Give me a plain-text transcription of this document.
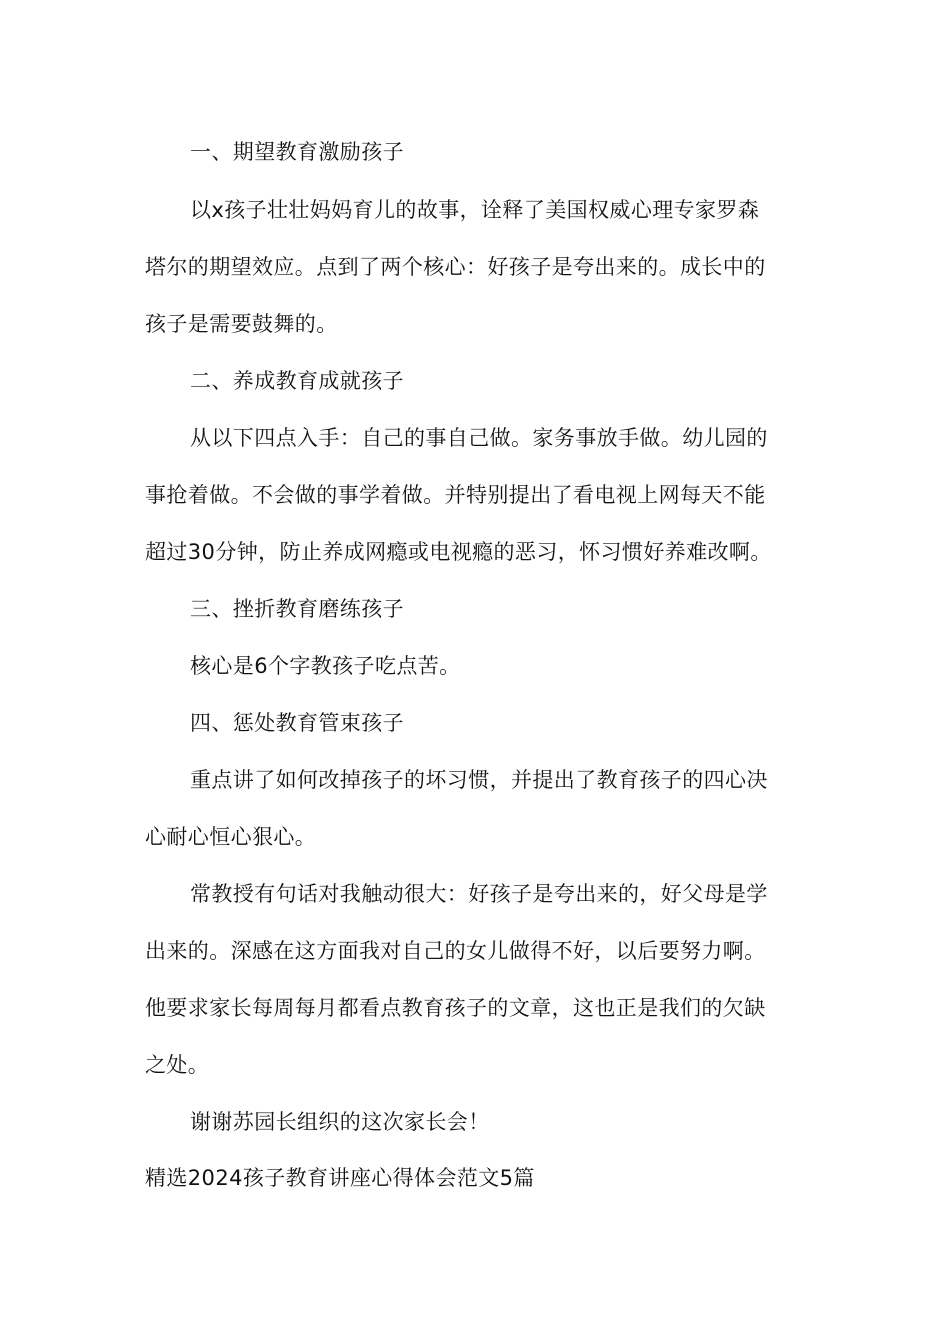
一、期望教育激励孩子
以x孩子壮壮妈妈育儿的故事，诠释了美国权威心理专家罗森
塔尔的期望效应。点到了两个核心：好孩子是夸出来的。成长中的
孩子是需要鼓舞的。
二、养成教育成就孩子
从以下四点入手：自己的事自己做。家务事放手做。幼儿园的
事抢着做。不会做的事学着做。并特别提出了看电视上网每天不能
超过30分钟，防止养成网瘾或电视瘾的恶习，怀习惯好养难改啊。
三、挫折教育磨练孩子
核心是6个字教孩子吃点苦。
四、惩处教育管束孩子
重点讲了如何改掉孩子的坏习惯，并提出了教育孩子的四心决
心耐心恒心狠心。
常教授有句话对我触动很大：好孩子是夸出来的，好父母是学
出来的。深感在这方面我对自己的女儿做得不好，以后要努力啊。
他要求家长每周每月都看点教育孩子的文章，这也正是我们的欠缺
之处。
谢谢苏园长组织的这次家长会！
精选2024孩子教育讲座心得体会范文5篇
